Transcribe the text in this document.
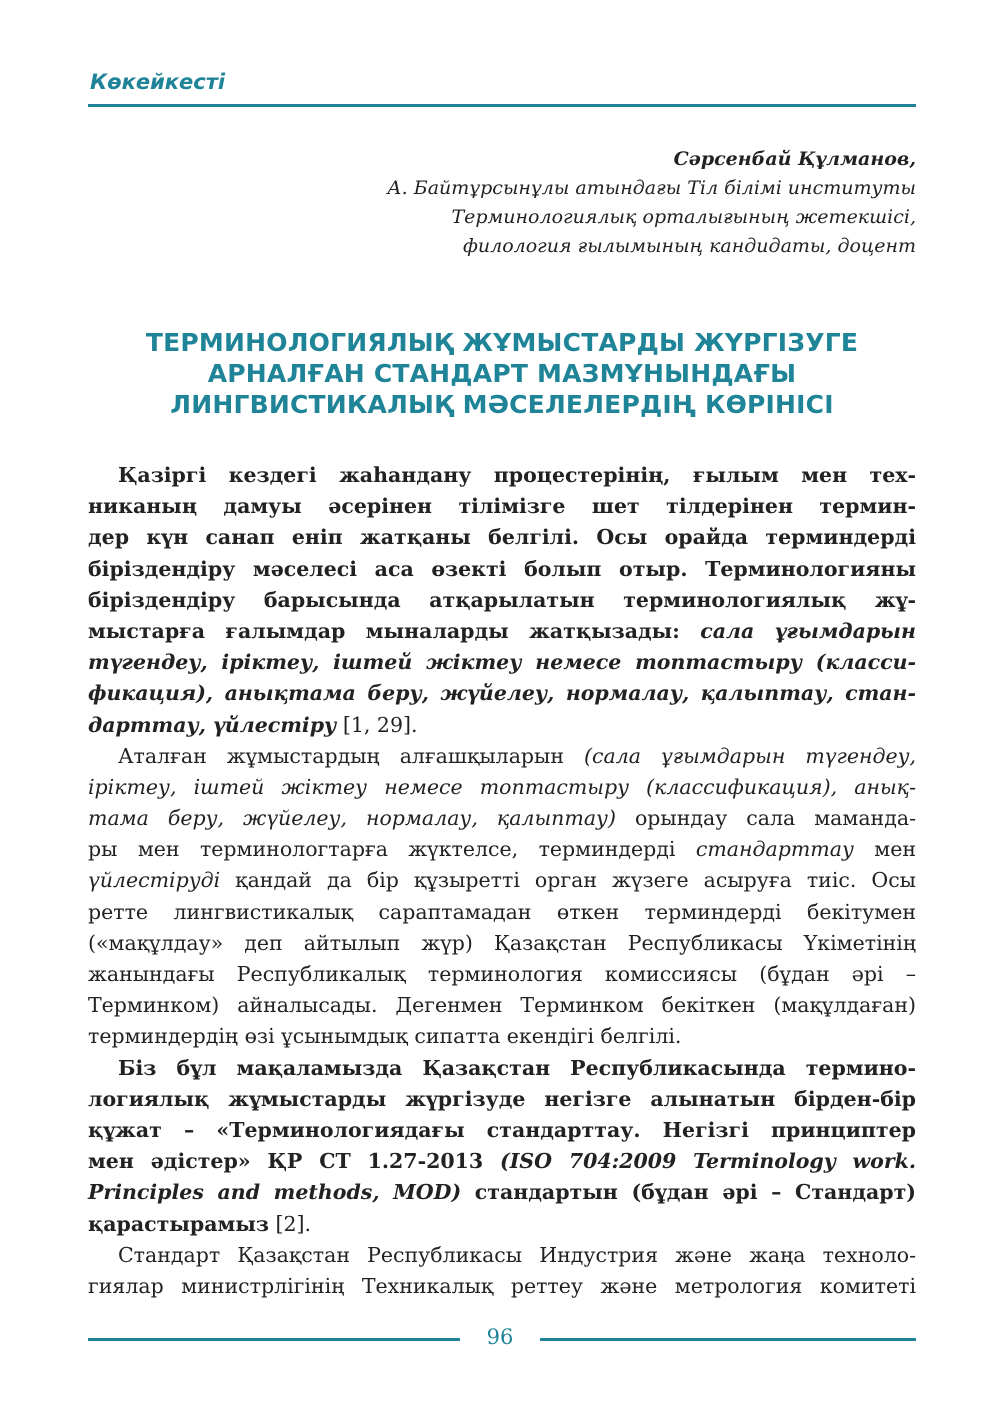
Көкейкесті
Сәрсенбай Құлманов,
А. Байтұрсынұлы атындағы Тіл білімі институты
Терминологиялық орталығының жетекшісі,
филология ғылымының кандидаты, доцент
ТЕРМИНОЛОГИЯЛЫҚ ЖҰМЫСТАРДЫ ЖҮРГІЗУГЕ
АРНАЛҒАН СТАНДАРТ МАЗМҰНЫНДАҒЫ
ЛИНГВИСТИКАЛЫҚ МӘСЕЛЕЛЕРДІҢ КӨРІНІСІ
Қазіргі кездегі жаһандану процестерінің, ғылым мен тех-
никаның дамуы әсерінен тілімізге шет тілдерінен термин-
дер күн санап еніп жатқаны белгілі. Осы орайда терминдерді
біріздендіру мәселесі аса өзекті болып отыр. Терминологияны
біріздендіру барысында атқарылатын терминологиялық жұ-
мыстарға ғалымдар мыналарды жатқызады: сала ұғымдарын
түгендеу, іріктеу, іштей жіктеу немесе топтастыру (класси-
фикация), анықтама беру, жүйелеу, нормалау, қалыптау, стан-
дарттау, үйлестіру [1, 29].
Аталған жұмыстардың алғашқыларын (сала ұғымдарын түгендеу,
іріктеу, іштей жіктеу немесе топтастыру (классификация), анық-
тама беру, жүйелеу, нормалау, қалыптау) орындау сала маманда-
ры мен терминологтарға жүктелсе, терминдерді стандарттау мен
үйлестіруді қандай да бір құзыретті орган жүзеге асыруға тиіс. Осы
ретте лингвистикалық сараптамадан өткен терминдерді бекітумен
(«мақұлдау» деп айтылып жүр) Қазақстан Республикасы Үкіметінің
жанындағы Республикалық терминология комиссиясы (бұдан әрі –
Терминком) айналысады. Дегенмен Терминком бекіткен (мақұлдаған)
терминдердің өзі ұсынымдық сипатта екендігі белгілі.
Біз бұл мақаламызда Қазақстан Республикасында термино-
логиялық жұмыстарды жүргізуде негізге алынатын бірден-бір
құжат – «Терминологиядағы стандарттау. Негізгі принциптер
мен әдістер» ҚР СТ 1.27-2013 (ISO 704:2009 Terminology work.
Principles and methods, MOD) стандартын (бұдан әрі – Стандарт)
қарастырамыз [2].
Стандарт Қазақстан Республикасы Индустрия және жаңа техноло-
гиялар министрлігінің Техникалық реттеу және метрология комитеті
96
